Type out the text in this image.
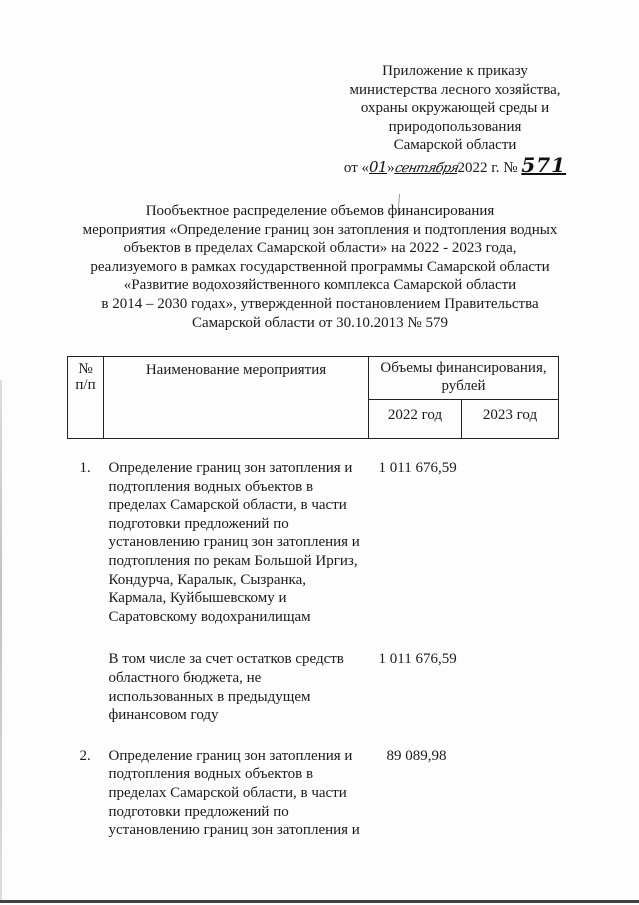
Приложение к приказу
министерства лесного хозяйства,
охраны окружающей среды и
природопользования
Самарской области
от «01»сентября2022 г. № 571
Пообъектное распределение объемов финансирования
мероприятия «Определение границ зон затопления и подтопления водных
объектов в пределах Самарской области» на 2022 - 2023 года,
реализуемого в рамках государственной программы Самарской области
«Развитие водохозяйственного комплекса Самарской области
в 2014 – 2030 годах», утвержденной постановлением Правительства
Самарской области от 30.10.2013 № 579
№
п/п	Наименование мероприятия	Объемы финансирования, рублей	
		2022 год	2023 год

1.	Определение границ зон затопления и подтопления водных объектов в пределах Самарской области, в части подготовки предложений по установлению границ зон затопления и подтопления по рекам Большой Иргиз, Кондурча, Каралык, Сызранка, Кармала, Куйбышевскому и Саратовскому водохранилищам	1 011 676,59	

	В том числе за счет остатков средств областного бюджета, не использованных в предыдущем финансовом году	1 011 676,59	

2.	Определение границ зон затопления и подтопления водных объектов в пределах Самарской области, в части подготовки предложений по установлению границ зон затопления и	89 089,98	
